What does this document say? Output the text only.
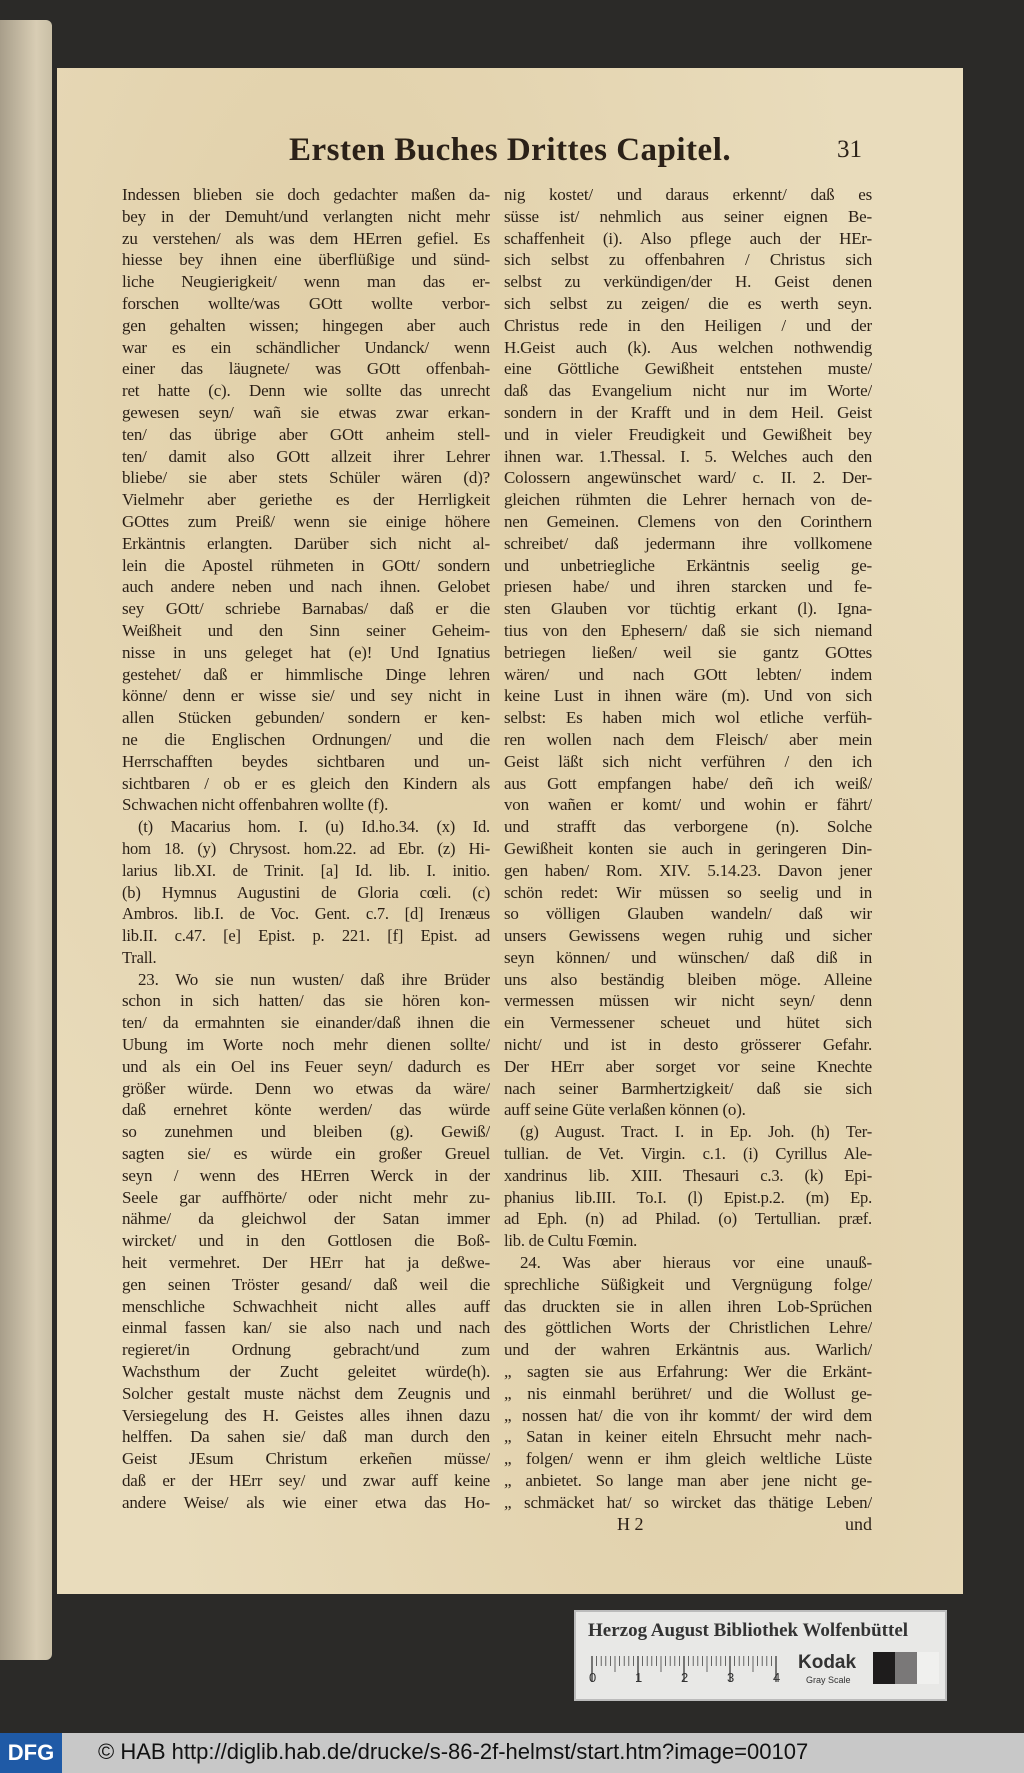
Ersten Buches Drittes Capitel.	31
Indessen blieben sie doch gedachter maßen da-
bey in der Demuht/und verlangten nicht mehr
zu verstehen/ als was dem HErren gefiel. Es
hiesse bey ihnen eine überflüßige und sünd-
liche Neugierigkeit/ wenn man das er-
forschen wollte/was GOtt wollte verbor-
gen gehalten wissen; hingegen aber auch
war es ein schändlicher Undanck/ wenn
einer das läugnete/ was GOtt offenbah-
ret hatte (c). Denn wie sollte das unrecht
gewesen seyn/ wañ sie etwas zwar erkan-
ten/ das übrige aber GOtt anheim stell-
ten/ damit also GOtt allzeit ihrer Lehrer
bliebe/ sie aber stets Schüler wären (d)?
Vielmehr aber geriethe es der Herrligkeit
GOttes zum Preiß/ wenn sie einige höhere
Erkäntnis erlangten. Darüber sich nicht al-
lein die Apostel rühmeten in GOtt/ sondern
auch andere neben und nach ihnen. Gelobet
sey GOtt/ schriebe Barnabas/ daß er die
Weißheit und den Sinn seiner Geheim-
nisse in uns geleget hat (e)! Und Ignatius
gestehet/ daß er himmlische Dinge lehren
könne/ denn er wisse sie/ und sey nicht in
allen Stücken gebunden/ sondern er ken-
ne die Englischen Ordnungen/ und die
Herrschafften beydes sichtbaren und un-
sichtbaren / ob er es gleich den Kindern als
Schwachen nicht offenbahren wollte (f).
(t) Macarius hom. I. (u) Id.ho.34. (x) Id.
hom 18. (y) Chrysost. hom.22. ad Ebr. (z) Hi-
larius lib.XI. de Trinit. [a] Id. lib. I. initio.
(b) Hymnus Augustini de Gloria cœli. (c)
Ambros. lib.I. de Voc. Gent. c.7. [d] Irenæus
lib.II. c.47. [e] Epist. p. 221. [f] Epist. ad
Trall.
23. Wo sie nun wusten/ daß ihre Brüder
schon in sich hatten/ das sie hören kon-
ten/ da ermahnten sie einander/daß ihnen die
Ubung im Worte noch mehr dienen sollte/
und als ein Oel ins Feuer seyn/ dadurch es
größer würde. Denn wo etwas da wäre/
daß ernehret könte werden/ das würde
so zunehmen und bleiben (g). Gewiß/
sagten sie/ es würde ein großer Greuel
seyn / wenn des HErren Werck in der
Seele gar auffhörte/ oder nicht mehr zu-
nähme/ da gleichwol der Satan immer
wircket/ und in den Gottlosen die Boß-
heit vermehret. Der HErr hat ja deßwe-
gen seinen Tröster gesand/ daß weil die
menschliche Schwachheit nicht alles auff
einmal fassen kan/ sie also nach und nach
regieret/in Ordnung gebracht/und zum
Wachsthum der Zucht geleitet würde(h).
Solcher gestalt muste nächst dem Zeugnis und
Versiegelung des H. Geistes alles ihnen dazu
helffen. Da sahen sie/ daß man durch den
Geist JEsum Christum erkeñen müsse/
daß er der HErr sey/ und zwar auff keine
andere Weise/ als wie einer etwa das Ho-
nig kostet/ und daraus erkennt/ daß es
süsse ist/ nehmlich aus seiner eignen Be-
schaffenheit (i). Also pflege auch der HEr-
sich selbst zu offenbahren / Christus sich
selbst zu verkündigen/der H. Geist denen
sich selbst zu zeigen/ die es werth seyn.
Christus rede in den Heiligen / und der
H.Geist auch (k). Aus welchen nothwendig
eine Göttliche Gewißheit entstehen muste/
daß das Evangelium nicht nur im Worte/
sondern in der Krafft und in dem Heil. Geist
und in vieler Freudigkeit und Gewißheit bey
ihnen war. 1.Thessal. I. 5. Welches auch den
Colossern angewünschet ward/ c. II. 2. Der-
gleichen rühmten die Lehrer hernach von de-
nen Gemeinen. Clemens von den Corinthern
schreibet/ daß jedermann ihre vollkomene
und unbetriegliche Erkäntnis seelig ge-
priesen habe/ und ihren starcken und fe-
sten Glauben vor tüchtig erkant (l). Igna-
tius von den Ephesern/ daß sie sich niemand
betriegen ließen/ weil sie gantz GOttes
wären/ und nach GOtt lebten/ indem
keine Lust in ihnen wäre (m). Und von sich
selbst: Es haben mich wol etliche verfüh-
ren wollen nach dem Fleisch/ aber mein
Geist läßt sich nicht verführen / den ich
aus Gott empfangen habe/ deñ ich weiß/
von wañen er komt/ und wohin er fährt/
und strafft das verborgene (n). Solche
Gewißheit konten sie auch in geringeren Din-
gen haben/ Rom. XIV. 5.14.23. Davon jener
schön redet: Wir müssen so seelig und in
so völligen Glauben wandeln/ daß wir
unsers Gewissens wegen ruhig und sicher
seyn können/ und wünschen/ daß diß in
uns also beständig bleiben möge. Alleine
vermessen müssen wir nicht seyn/ denn
ein Vermessener scheuet und hütet sich
nicht/ und ist in desto grösserer Gefahr.
Der HErr aber sorget vor seine Knechte
nach seiner Barmhertzigkeit/ daß sie sich
auff seine Güte verlaßen können (o).
(g) August. Tract. I. in Ep. Joh. (h) Ter-
tullian. de Vet. Virgin. c.1. (i) Cyrillus Ale-
xandrinus lib. XIII. Thesauri c.3. (k) Epi-
phanius lib.III. To.I. (l) Epist.p.2. (m) Ep.
ad Eph. (n) ad Philad. (o) Tertullian. præf.
lib. de Cultu Fœmin.
24. Was aber hieraus vor eine unauß-
sprechliche Süßigkeit und Vergnügung folge/
das druckten sie in allen ihren Lob-Sprüchen
des göttlichen Worts der Christlichen Lehre/
und der wahren Erkäntnis aus. Warlich/
„ sagten sie aus Erfahrung: Wer die Erkänt-
„ nis einmahl berühret/ und die Wollust ge-
„ nossen hat/ die von ihr kommt/ der wird dem
„ Satan in keiner eiteln Ehrsucht mehr nach-
„ folgen/ wenn er ihm gleich weltliche Lüste
„ anbietet. So lange man aber jene nicht ge-
„ schmäcket hat/ so wircket das thätige Leben/
H 2	und
Herzog August Bibliothek Wolfenbüttel
0	1	2	3	4
Kodak
Gray Scale
DFG	© HAB http://diglib.hab.de/drucke/s-86-2f-helmst/start.htm?image=00107
